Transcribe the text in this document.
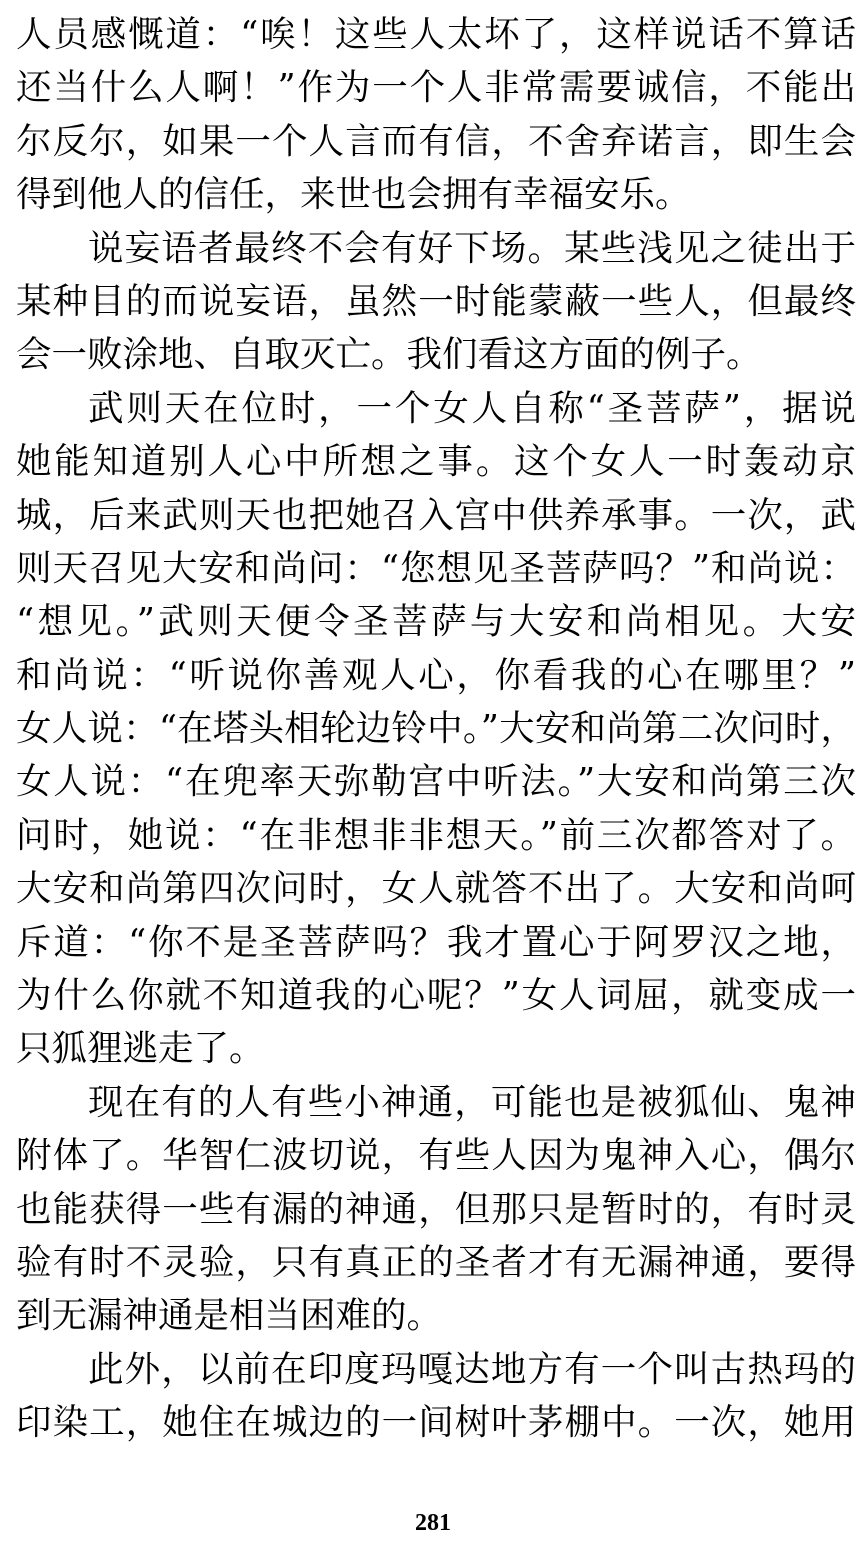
人员感慨道：“唉！这些人太坏了，这样说话不算话
还当什么人啊！”作为一个人非常需要诚信，不能出
尔反尔，如果一个人言而有信，不舍弃诺言，即生会
得到他人的信任，来世也会拥有幸福安乐。
说妄语者最终不会有好下场。某些浅见之徒出于
某种目的而说妄语，虽然一时能蒙蔽一些人，但最终
会一败涂地、自取灭亡。我们看这方面的例子。
武则天在位时，一个女人自称“圣菩萨”，据说
她能知道别人心中所想之事。这个女人一时轰动京
城，后来武则天也把她召入宫中供养承事。一次，武
则天召见大安和尚问：“您想见圣菩萨吗？”和尚说：
“想见。”武则天便令圣菩萨与大安和尚相见。大安
和尚说：“听说你善观人心，你看我的心在哪里？”
女人说：“在塔头相轮边铃中。”大安和尚第二次问时，
女人说：“在兜率天弥勒宫中听法。”大安和尚第三次
问时，她说：“在非想非非想天。”前三次都答对了。
大安和尚第四次问时，女人就答不出了。大安和尚呵
斥道：“你不是圣菩萨吗？我才置心于阿罗汉之地，
为什么你就不知道我的心呢？”女人词屈，就变成一
只狐狸逃走了。
现在有的人有些小神通，可能也是被狐仙、鬼神
附体了。华智仁波切说，有些人因为鬼神入心，偶尔
也能获得一些有漏的神通，但那只是暂时的，有时灵
验有时不灵验，只有真正的圣者才有无漏神通，要得
到无漏神通是相当困难的。
此外，以前在印度玛嘎达地方有一个叫古热玛的
印染工，她住在城边的一间树叶茅棚中。一次，她用
281
